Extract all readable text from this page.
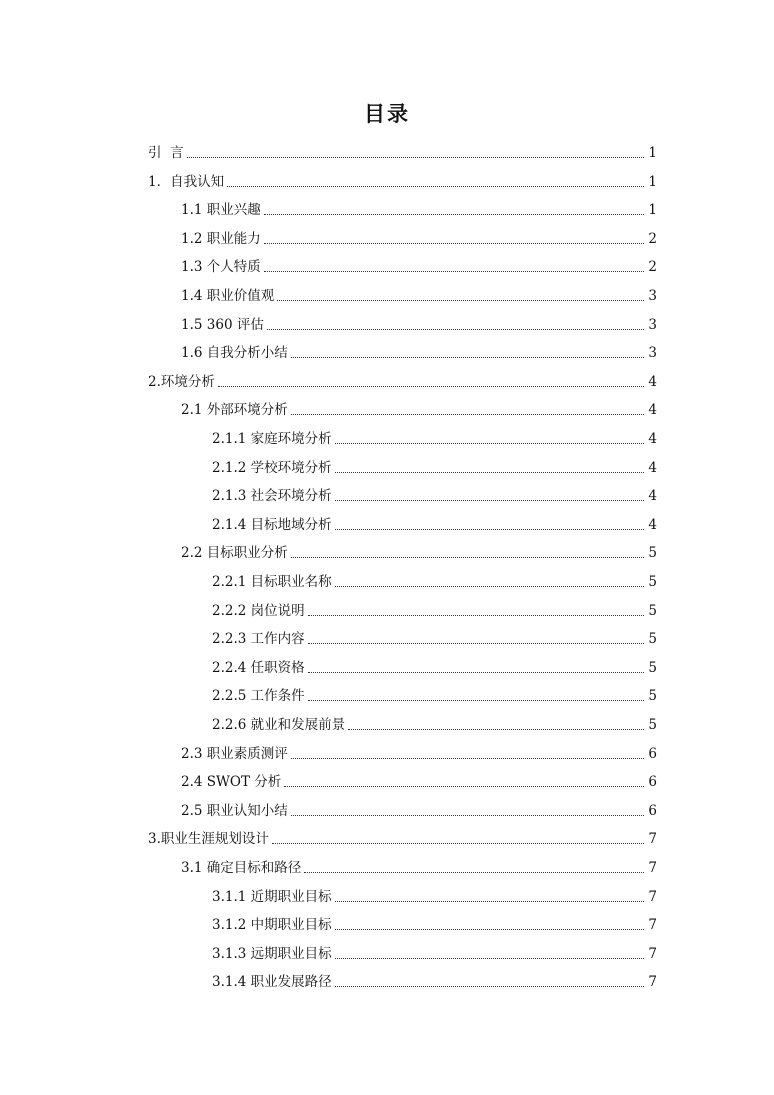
目录
引  言	1
1．自我认知	1
1.1 职业兴趣	1
1.2 职业能力	2
1.3 个人特质	2
1.4 职业价值观	3
1.5 360 评估	3
1.6 自我分析小结	3
2.环境分析	4
2.1 外部环境分析	4
2.1.1 家庭环境分析	4
2.1.2 学校环境分析	4
2.1.3 社会环境分析	4
2.1.4 目标地域分析	4
2.2 目标职业分析	5
2.2.1 目标职业名称	5
2.2.2 岗位说明	5
2.2.3 工作内容	5
2.2.4 任职资格	5
2.2.5 工作条件	5
2.2.6 就业和发展前景	5
2.3 职业素质测评	6
2.4 SWOT 分析	6
2.5 职业认知小结	6
3.职业生涯规划设计	7
3.1 确定目标和路径	7
3.1.1 近期职业目标	7
3.1.2 中期职业目标	7
3.1.3 远期职业目标	7
3.1.4 职业发展路径	7
